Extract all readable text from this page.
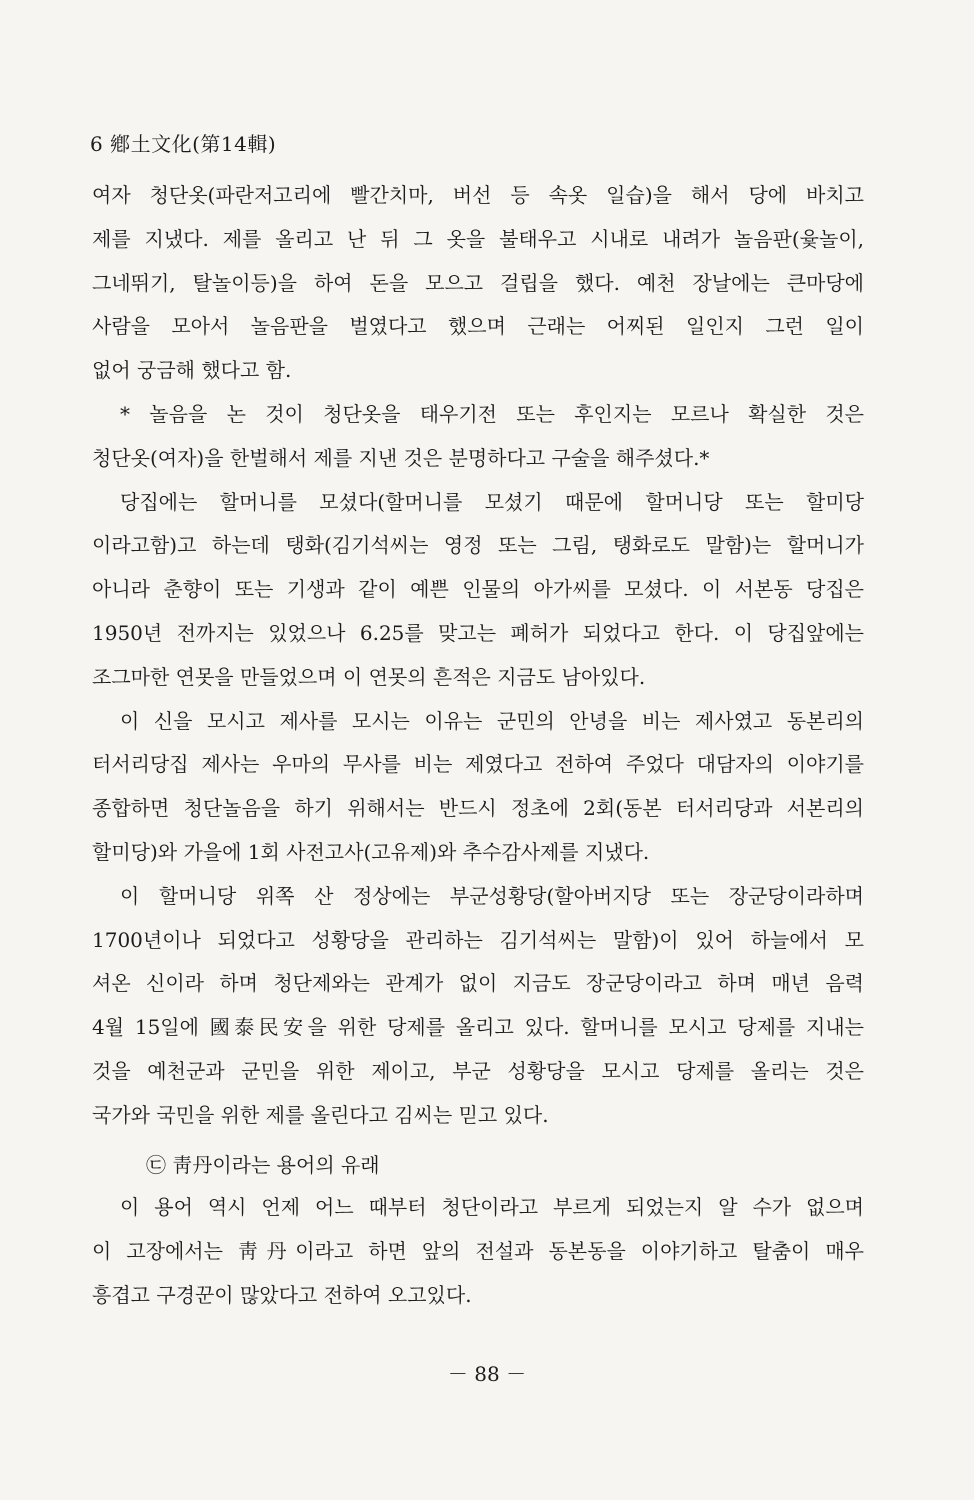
6 鄕土文化(第14輯)
여자 청단옷(파란저고리에 빨간치마, 버선 등 속옷 일습)을 해서 당에 바치고
제를 지냈다. 제를 올리고 난 뒤 그 옷을 불태우고 시내로 내려가 놀음판(윷놀이,
그네뛰기, 탈놀이등)을 하여 돈을 모으고 걸립을 했다. 예천 장날에는 큰마당에
사람을 모아서 놀음판을 벌였다고 했으며 근래는 어찌된 일인지 그런 일이
없어 궁금해 했다고 함.
* 놀음을 논 것이 청단옷을 태우기전 또는 후인지는 모르나 확실한 것은
청단옷(여자)을 한벌해서 제를 지낸 것은 분명하다고 구술을 해주셨다.*
당집에는 할머니를 모셨다(할머니를 모셨기 때문에 할머니당 또는 할미당
이라고함)고 하는데 탱화(김기석씨는 영정 또는 그림, 탱화로도 말함)는 할머니가
아니라 춘향이 또는 기생과 같이 예쁜 인물의 아가씨를 모셨다. 이 서본동 당집은
1950년 전까지는 있었으나 6.25를 맞고는 폐허가 되었다고 한다. 이 당집앞에는
조그마한 연못을 만들었으며 이 연못의 흔적은 지금도 남아있다.
이 신을 모시고 제사를 모시는 이유는 군민의 안녕을 비는 제사였고 동본리의
터서리당집 제사는 우마의 무사를 비는 제였다고 전하여 주었다 대담자의 이야기를
종합하면 청단놀음을 하기 위해서는 반드시 정초에 2회(동본 터서리당과 서본리의
할미당)와 가을에 1회 사전고사(고유제)와 추수감사제를 지냈다.
이 할머니당 위쪽 산 정상에는 부군성황당(할아버지당 또는 장군당이라하며
1700년이나 되었다고 성황당을 관리하는 김기석씨는 말함)이 있어 하늘에서 모
셔온 신이라 하며 청단제와는 관계가 없이 지금도 장군당이라고 하며 매년 음력
4월 15일에 國泰民安을 위한 당제를 올리고 있다. 할머니를 모시고 당제를 지내는
것을 예천군과 군민을 위한 제이고, 부군 성황당을 모시고 당제를 올리는 것은
국가와 국민을 위한 제를 올린다고 김씨는 믿고 있다.
㉢ 靑丹이라는 용어의 유래
이 용어 역시 언제 어느 때부터 청단이라고 부르게 되었는지 알 수가 없으며
이 고장에서는 靑丹이라고 하면 앞의 전설과 동본동을 이야기하고 탈춤이 매우
흥겹고 구경꾼이 많았다고 전하여 오고있다.
－ 88 －
